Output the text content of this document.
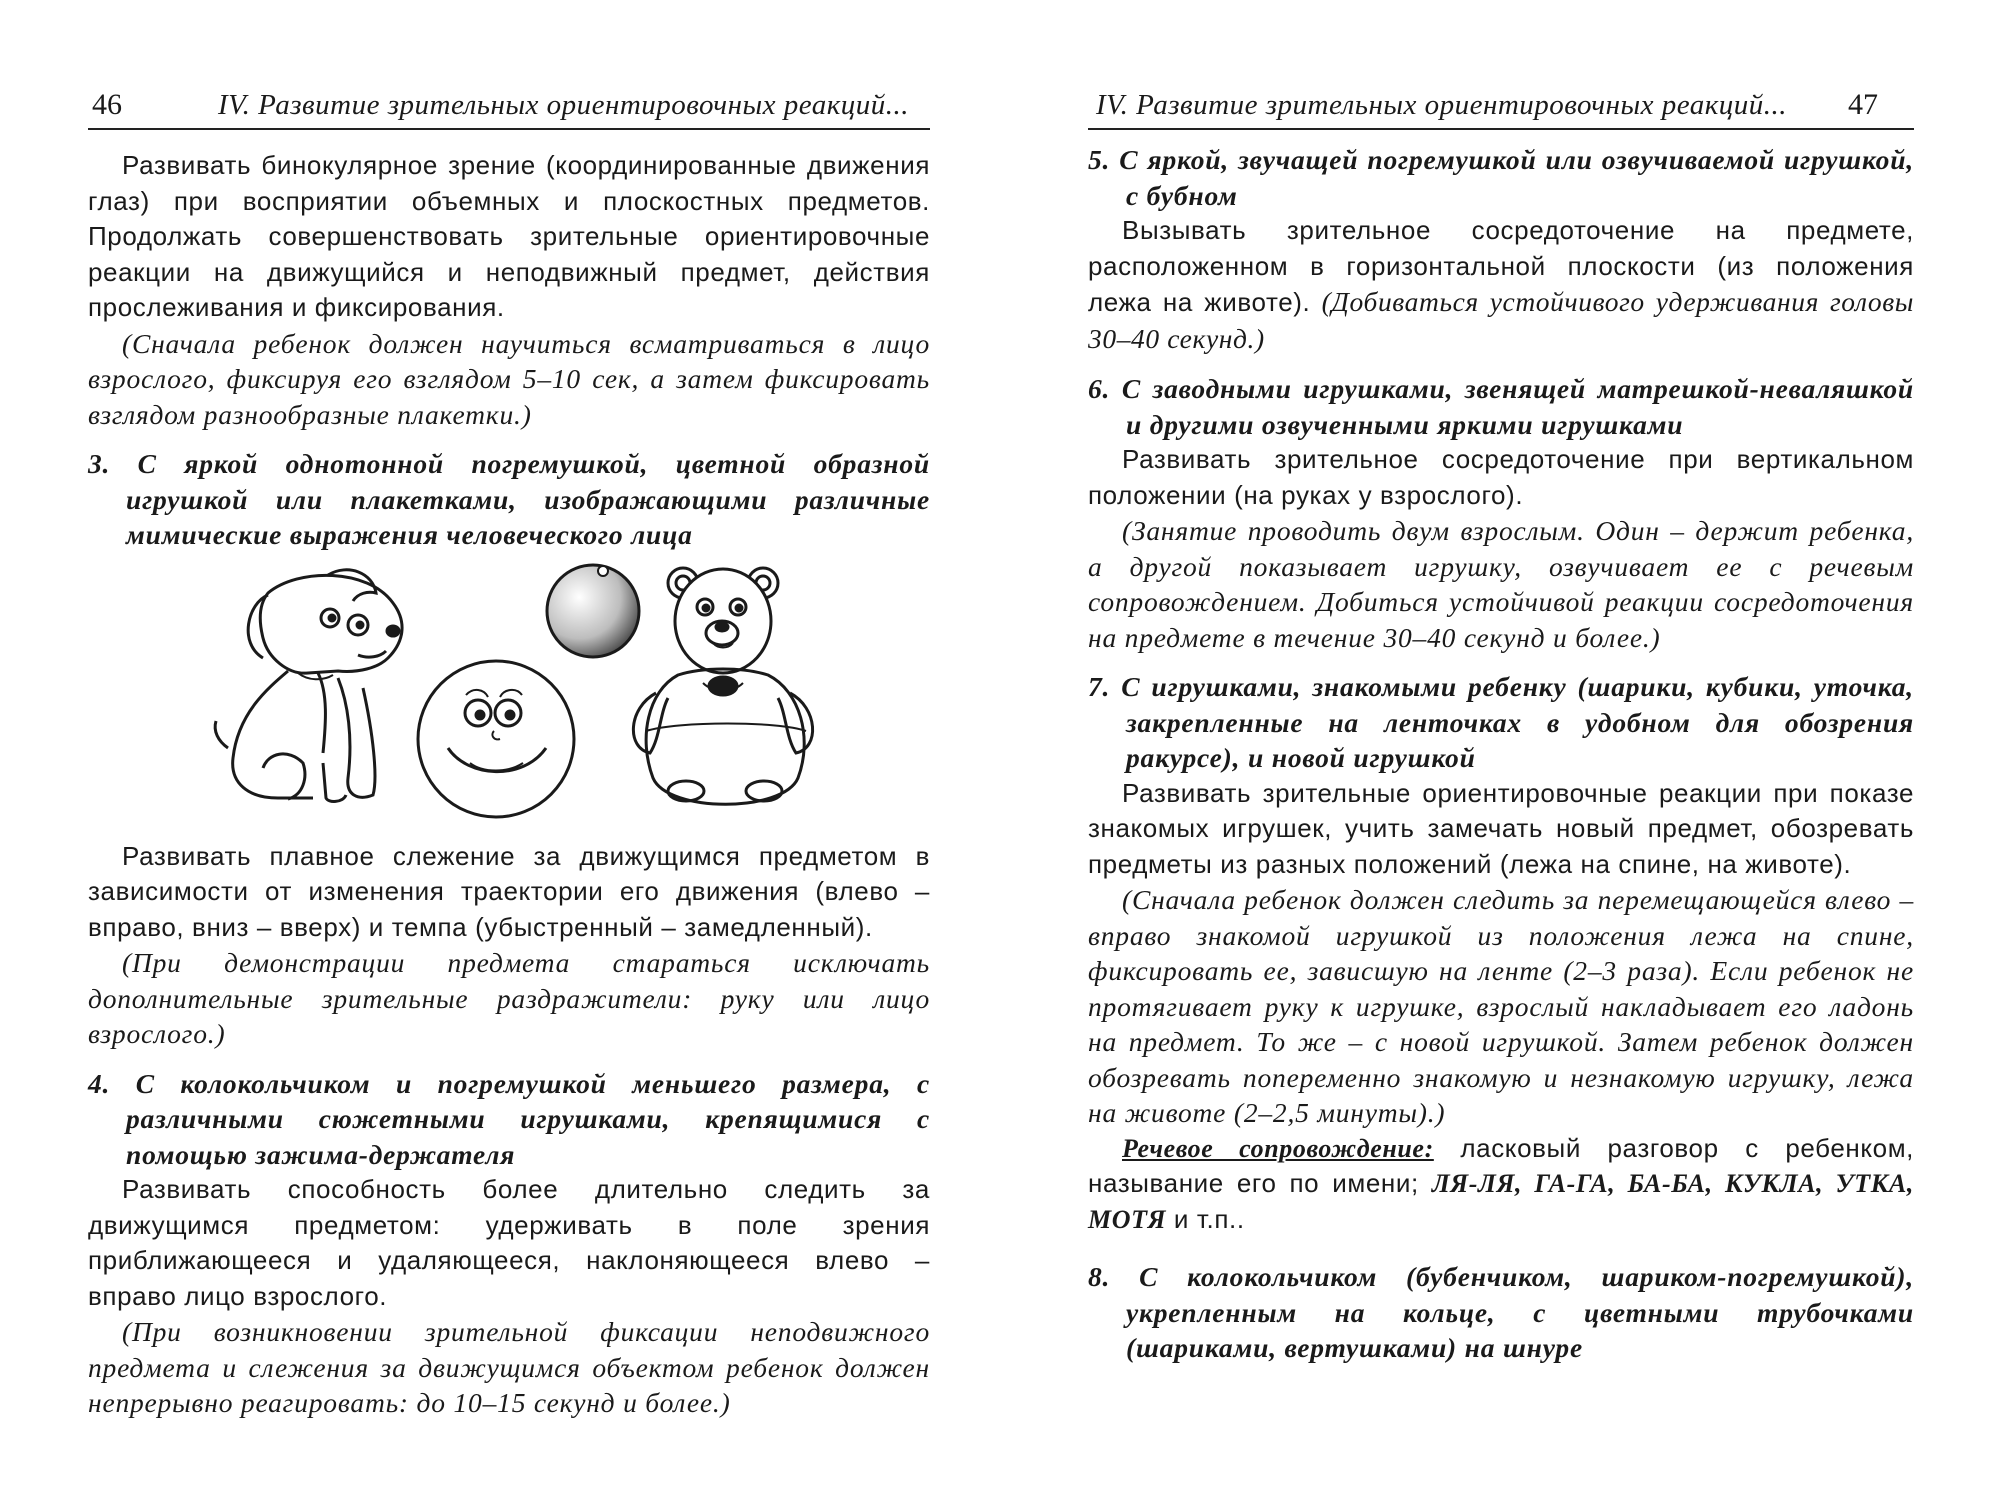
46	IV. Развитие зрительных ориентировочных реакций...

Развивать бинокулярное зрение (координированные движения глаз) при восприятии объемных и плоскостных предметов. Продолжать совершенствовать зрительные ориентировочные реакции на движущийся и неподвижный предмет, действия прослеживания и фиксирования.

(Сначала ребенок должен научиться всматриваться в лицо взрослого, фиксируя его взглядом 5–10 сек, а затем фиксировать взглядом разнообразные плакетки.)

3. С яркой однотонной погремушкой, цветной образной игрушкой или плакетками, изображающими различные мимические выражения человеческого лица

Развивать плавное слежение за движущимся предметом в зависимости от изменения траектории его движения (влево – вправо, вниз – вверх) и темпа (убыстренный – замедленный).

(При демонстрации предмета стараться исключать дополнительные зрительные раздражители: руку или лицо взрослого.)

4. С колокольчиком и погремушкой меньшего размера, с различными сюжетными игрушками, крепящимися с помощью зажима-держателя

Развивать способность более длительно следить за движущимся предметом: удерживать в поле зрения приближающееся и удаляющееся, наклоняющееся влево – вправо лицо взрослого.

(При возникновении зрительной фиксации неподвижного предмета и слежения за движущимся объектом ребенок должен непрерывно реагировать: до 10–15 секунд и более.)

IV. Развитие зрительных ориентировочных реакций... 47

5. С яркой, звучащей погремушкой или озвучиваемой игрушкой, с бубном

Вызывать зрительное сосредоточение на предмете, расположенном в горизонтальной плоскости (из положения лежа на животе). (Добиваться устойчивого удерживания головы 30–40 секунд.)

6. С заводными игрушками, звенящей матрешкой-неваляшкой и другими озвученными яркими игрушками

Развивать зрительное сосредоточение при вертикальном положении (на руках у взрослого).

(Занятие проводить двум взрослым. Один – держит ребенка, а другой показывает игрушку, озвучивает ее с речевым сопровождением. Добиться устойчивой реакции сосредоточения на предмете в течение 30–40 секунд и более.)

7. С игрушками, знакомыми ребенку (шарики, кубики, уточка, закрепленные на ленточках в удобном для обозрения ракурсе), и новой игрушкой

Развивать зрительные ориентировочные реакции при показе знакомых игрушек, учить замечать новый предмет, обозревать предметы из разных положений (лежа на спине, на животе).

(Сначала ребенок должен следить за перемещающейся влево – вправо знакомой игрушкой из положения лежа на спине, фиксировать ее, зависшую на ленте (2–3 раза). Если ребенок не протягивает руку к игрушке, взрослый накладывает его ладонь на предмет. То же – с новой игрушкой. Затем ребенок должен обозревать попеременно знакомую и незнакомую игрушку, лежа на животе (2–2,5 минуты).)

Речевое сопровождение: ласковый разговор с ребенком, называние его по имени; ЛЯ-ЛЯ, ГА-ГА, БА-БА, КУКЛА, УТКА, МОТЯ и т.п..

8. С колокольчиком (бубенчиком, шариком-погремушкой), укрепленным на кольце, с цветными трубочками (шариками, вертушками) на шнуре
